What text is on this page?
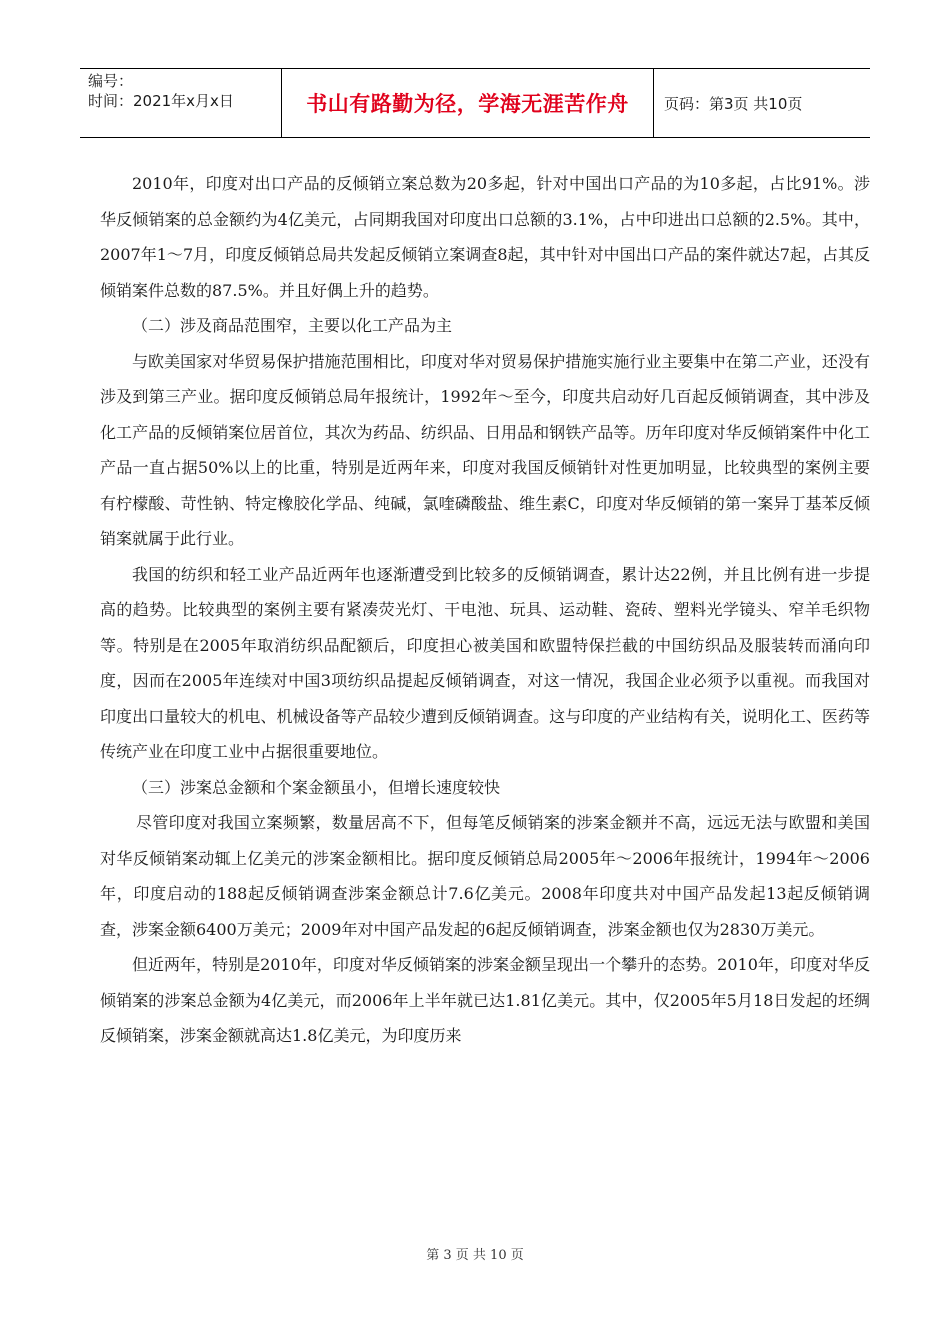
编号：
时间：2021年x月x日	书山有路勤为径，学海无涯苦作舟	页码：第3页 共10页

2010年，印度对出口产品的反倾销立案总数为20多起，针对中国出口产品的为10多起，占比91%。涉华反倾销案的总金额约为4亿美元，占同期我国对印度出口总额的3.1%，占中印进出口总额的2.5%。其中，2007年1～7月，印度反倾销总局共发起反倾销立案调查8起，其中针对中国出口产品的案件就达7起，占其反倾销案件总数的87.5%。并且好偶上升的趋势。

（二）涉及商品范围窄，主要以化工产品为主

与欧美国家对华贸易保护措施范围相比，印度对华对贸易保护措施实施行业主要集中在第二产业，还没有涉及到第三产业。据印度反倾销总局年报统计，1992年～至今，印度共启动好几百起反倾销调查，其中涉及化工产品的反倾销案位居首位，其次为药品、纺织品、日用品和钢铁产品等。历年印度对华反倾销案件中化工产品一直占据50%以上的比重，特别是近两年来，印度对我国反倾销针对性更加明显，比较典型的案例主要有柠檬酸、苛性钠、特定橡胶化学品、纯碱，氯喹磷酸盐、维生素C，印度对华反倾销的第一案异丁基苯反倾销案就属于此行业。

我国的纺织和轻工业产品近两年也逐渐遭受到比较多的反倾销调查，累计达22例，并且比例有进一步提高的趋势。比较典型的案例主要有紧凑荧光灯、干电池、玩具、运动鞋、瓷砖、塑料光学镜头、窄羊毛织物等。特别是在2005年取消纺织品配额后，印度担心被美国和欧盟特保拦截的中国纺织品及服装转而涌向印度，因而在2005年连续对中国3项纺织品提起反倾销调查，对这一情况，我国企业必须予以重视。而我国对印度出口量较大的机电、机械设备等产品较少遭到反倾销调查。这与印度的产业结构有关，说明化工、医药等传统产业在印度工业中占据很重要地位。

（三）涉案总金额和个案金额虽小，但增长速度较快

尽管印度对我国立案频繁，数量居高不下，但每笔反倾销案的涉案金额并不高，远远无法与欧盟和美国对华反倾销案动辄上亿美元的涉案金额相比。据印度反倾销总局2005年～2006年报统计，1994年～2006年，印度启动的188起反倾销调查涉案金额总计7.6亿美元。2008年印度共对中国产品发起13起反倾销调查，涉案金额6400万美元；2009年对中国产品发起的6起反倾销调查，涉案金额也仅为2830万美元。

但近两年，特别是2010年，印度对华反倾销案的涉案金额呈现出一个攀升的态势。2010年，印度对华反倾销案的涉案总金额为4亿美元，而2006年上半年就已达1.81亿美元。其中，仅2005年5月18日发起的坯绸反倾销案，涉案金额就高达1.8亿美元，为印度历来

第 3 页 共 10 页
